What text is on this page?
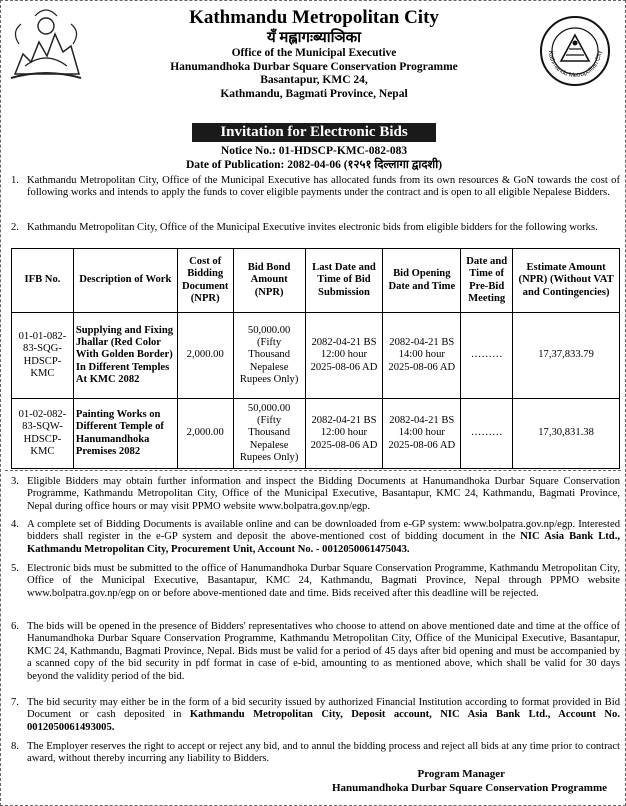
Kathmandu Metropolitan City
Kathmandu Metropolitan City
यँ मह्लागःब्याञिका
Office of the Municipal Executive
Hanumandhoka Durbar Square Conservation Programme
Basantapur, KMC 24,
Kathmandu, Bagmati Province, Nepal
Invitation for Electronic Bids
Notice No.: 01-HDSCP-KMC-082-083
Date of Publication: 2082-04-06 (१२५१ दिल्लागा द्वादशी)
1. Kathmandu Metropolitan City, Office of the Municipal Executive has allocated funds from its own resources & GoN towards the cost of following works and intends to apply the funds to cover eligible payments under the contract and is open to all eligible Nepalese Bidders.
2. Kathmandu Metropolitan City, Office of the Municipal Executive invites electronic bids from eligible bidders for the following works.
IFB No.	Description of Work	Cost of Bidding Document (NPR)	Bid Bond Amount (NPR)	Last Date and Time of Bid Submission	Bid Opening Date and Time	Date and Time of Pre-Bid Meeting	Estimate Amount (NPR) (Without VAT and Contingencies)
01-01-082-83-SQG-HDSCP-KMC	Supplying and Fixing Jhallar (Red Color With Golden Border) In Different Temples At KMC 2082	2,000.00	50,000.00 (Fifty Thousand Nepalese Rupees Only)	2082-04-21 BS 12:00 hour 2025-08-06 AD	2082-04-21 BS 14:00 hour 2025-08-06 AD	………	17,37,833.79
01-02-082-83-SQW-HDSCP-KMC	Painting Works on Different Temple of Hanumandhoka Premises 2082	2,000.00	50,000.00 (Fifty Thousand Nepalese Rupees Only)	2082-04-21 BS 12:00 hour 2025-08-06 AD	2082-04-21 BS 14:00 hour 2025-08-06 AD	………	17,30,831.38
3. Eligible Bidders may obtain further information and inspect the Bidding Documents at Hanumandhoka Durbar Square Conservation Programme, Kathmandu Metropolitan City, Office of the Municipal Executive, Basantapur, KMC 24, Kathmandu, Bagmati Province, Nepal during office hours or may visit PPMO website www.bolpatra.gov.np/egp.
4. A complete set of Bidding Documents is available online and can be downloaded from e-GP system: www.bolpatra.gov.np/egp. Interested bidders shall register in the e-GP system and deposit the above-mentioned cost of bidding document in the NIC Asia Bank Ltd., Kathmandu Metropolitan City, Procurement Unit, Account No. - 0012050061475043.
5. Electronic bids must be submitted to the office of Hanumandhoka Durbar Square Conservation Programme, Kathmandu Metropolitan City, Office of the Municipal Executive, Basantapur, KMC 24, Kathmandu, Bagmati Province, Nepal through PPMO website www.bolpatra.gov.np/egp on or before above-mentioned date and time. Bids received after this deadline will be rejected.
6. The bids will be opened in the presence of Bidders' representatives who choose to attend on above mentioned date and time at the office of Hanumandhoka Durbar Square Conservation Programme, Kathmandu Metropolitan City, Office of the Municipal Executive, Basantapur, KMC 24, Kathmandu, Bagmati Province, Nepal. Bids must be valid for a period of 45 days after bid opening and must be accompanied by a scanned copy of the bid security in pdf format in case of e-bid, amounting to as mentioned above, which shall be valid for 30 days beyond the validity period of the bid.
7. The bid security may either be in the form of a bid security issued by authorized Financial Institution according to format provided in Bid Document or cash deposited in Kathmandu Metropolitan City, Deposit account, NIC Asia Bank Ltd., Account No. 0012050061493005.
8. The Employer reserves the right to accept or reject any bid, and to annul the bidding process and reject all bids at any time prior to contract award, without thereby incurring any liability to Bidders.
Program Manager
Hanumandhoka Durbar Square Conservation Programme
